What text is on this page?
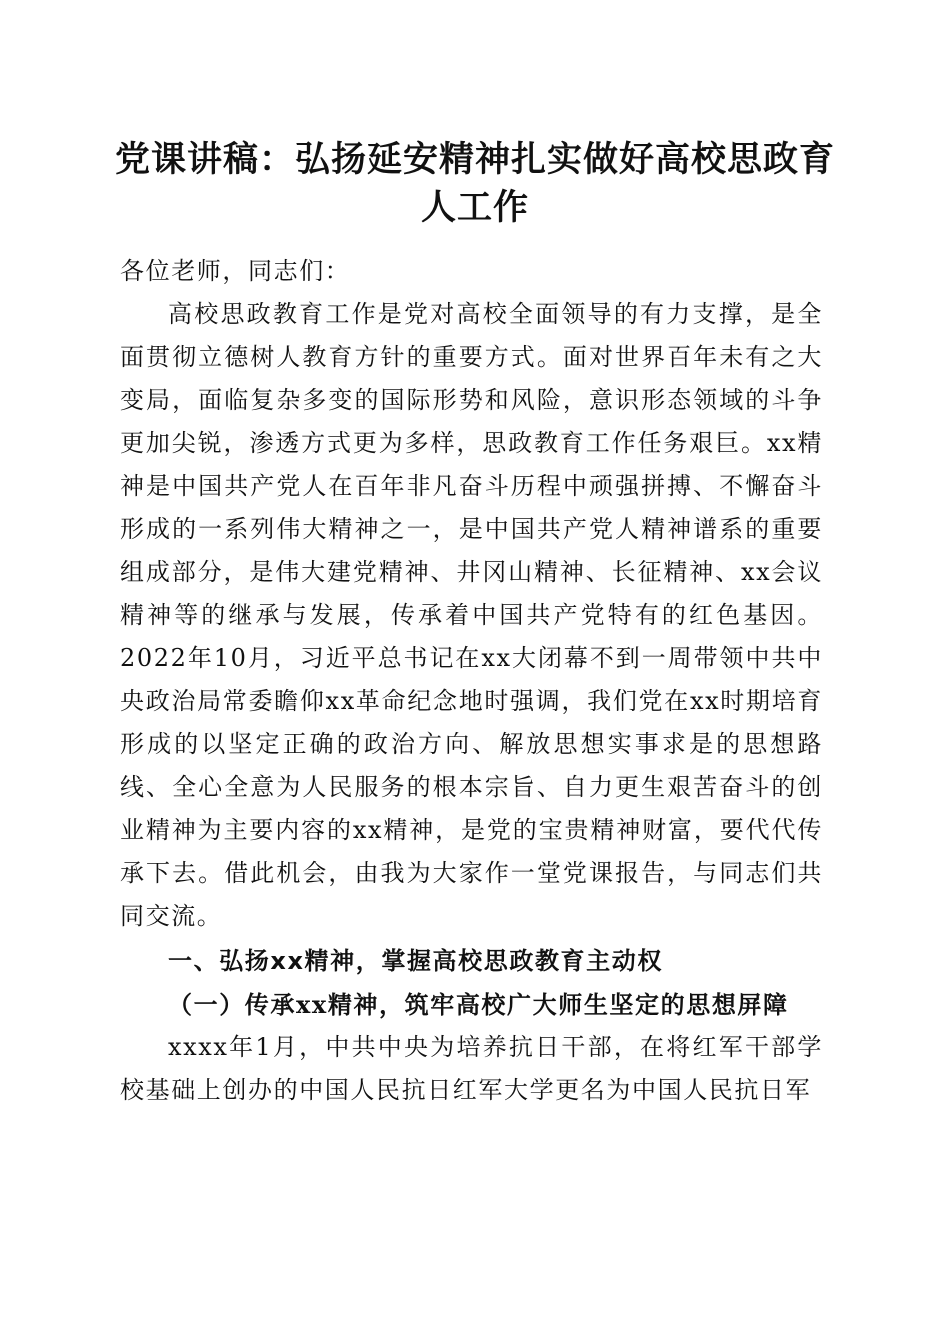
党课讲稿：弘扬延安精神扎实做好高校思政育人工作

各位老师，同志们：

高校思政教育工作是党对高校全面领导的有力支撑，是全面贯彻立德树人教育方针的重要方式。面对世界百年未有之大变局，面临复杂多变的国际形势和风险，意识形态领域的斗争更加尖锐，渗透方式更为多样，思政教育工作任务艰巨。xx精神是中国共产党人在百年非凡奋斗历程中顽强拼搏、不懈奋斗形成的一系列伟大精神之一，是中国共产党人精神谱系的重要组成部分，是伟大建党精神、井冈山精神、长征精神、xx会议精神等的继承与发展，传承着中国共产党特有的红色基因。2022年10月，习近平总书记在xx大闭幕不到一周带领中共中央政治局常委瞻仰xx革命纪念地时强调，我们党在xx时期培育形成的以坚定正确的政治方向、解放思想实事求是的思想路线、全心全意为人民服务的根本宗旨、自力更生艰苦奋斗的创业精神为主要内容的xx精神，是党的宝贵精神财富，要代代传承下去。借此机会，由我为大家作一堂党课报告，与同志们共同交流。

一、弘扬xx精神，掌握高校思政教育主动权

（一）传承xx精神，筑牢高校广大师生坚定的思想屏障

xxxx年1月，中共中央为培养抗日干部，在将红军干部学校基础上创办的中国人民抗日红军大学更名为中国人民抗日军
